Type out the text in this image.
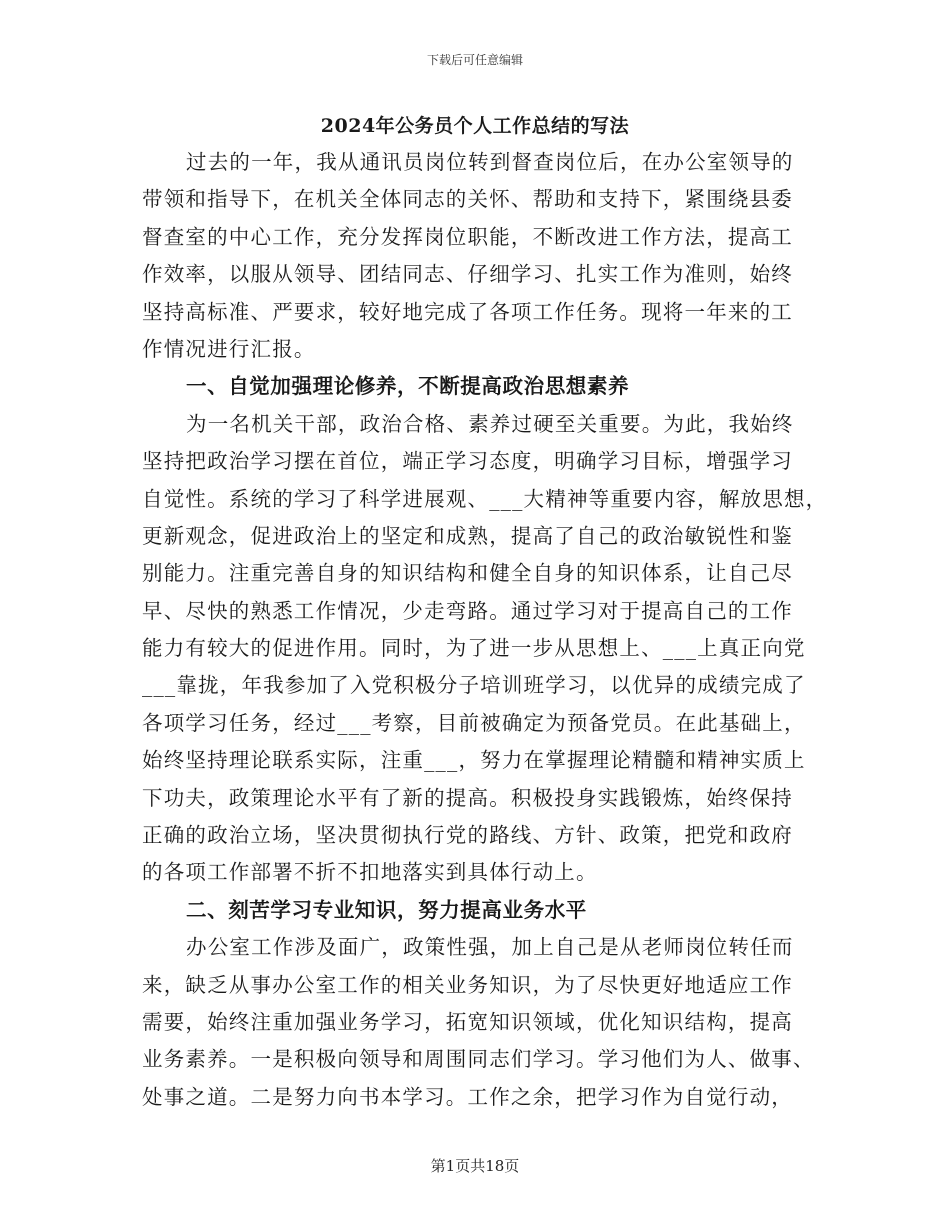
下载后可任意编辑
2024年公务员个人工作总结的写法
过去的一年，我从通讯员岗位转到督查岗位后，在办公室领导的
带领和指导下，在机关全体同志的关怀、帮助和支持下，紧围绕县委
督查室的中心工作，充分发挥岗位职能，不断改进工作方法，提高工
作效率，以服从领导、团结同志、仔细学习、扎实工作为准则，始终
坚持高标准、严要求，较好地完成了各项工作任务。现将一年来的工
作情况进行汇报。
一、自觉加强理论修养，不断提高政治思想素养
为一名机关干部，政治合格、素养过硬至关重要。为此，我始终
坚持把政治学习摆在首位，端正学习态度，明确学习目标，增强学习
自觉性。系统的学习了科学进展观、___大精神等重要内容，解放思想，
更新观念，促进政治上的坚定和成熟，提高了自己的政治敏锐性和鉴
别能力。注重完善自身的知识结构和健全自身的知识体系，让自己尽
早、尽快的熟悉工作情况，少走弯路。通过学习对于提高自己的工作
能力有较大的促进作用。同时，为了进一步从思想上、___上真正向党
___靠拢，年我参加了入党积极分子培训班学习，以优异的成绩完成了
各项学习任务，经过___考察，目前被确定为预备党员。在此基础上，
始终坚持理论联系实际，注重___，努力在掌握理论精髓和精神实质上
下功夫，政策理论水平有了新的提高。积极投身实践锻炼，始终保持
正确的政治立场，坚决贯彻执行党的路线、方针、政策，把党和政府
的各项工作部署不折不扣地落实到具体行动上。
二、刻苦学习专业知识，努力提高业务水平
办公室工作涉及面广，政策性强，加上自己是从老师岗位转任而
来，缺乏从事办公室工作的相关业务知识，为了尽快更好地适应工作
需要，始终注重加强业务学习，拓宽知识领域，优化知识结构，提高
业务素养。一是积极向领导和周围同志们学习。学习他们为人、做事、
处事之道。二是努力向书本学习。工作之余，把学习作为自觉行动，
第1页共18页
